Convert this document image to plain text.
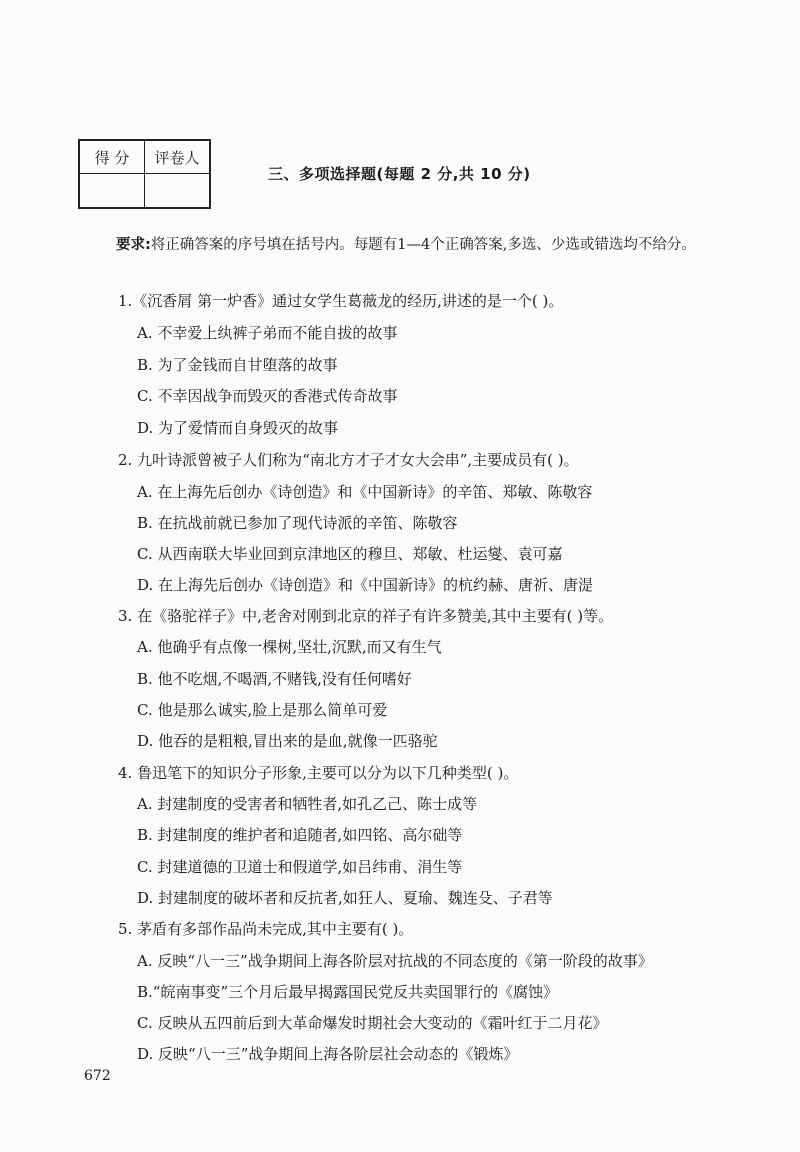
得 分	评卷人

三、多项选择题(每题 2 分,共 10 分)
要求:将正确答案的序号填在括号内。每题有1—4个正确答案,多选、少选或错选均不给分。
1.《沉香屑 第一炉香》通过女学生葛薇龙的经历,讲述的是一个( )。
A. 不幸爱上纨裤子弟而不能自拔的故事
B. 为了金钱而自甘堕落的故事
C. 不幸因战争而毁灭的香港式传奇故事
D. 为了爱情而自身毁灭的故事
2. 九叶诗派曾被子人们称为“南北方才子才女大会串”,主要成员有( )。
A. 在上海先后创办《诗创造》和《中国新诗》的辛笛、郑敏、陈敬容
B. 在抗战前就已参加了现代诗派的辛笛、陈敬容
C. 从西南联大毕业回到京津地区的穆旦、郑敏、杜运燮、袁可嘉
D. 在上海先后创办《诗创造》和《中国新诗》的杭约赫、唐祈、唐湜
3. 在《骆驼祥子》中,老舍对刚到北京的祥子有许多赞美,其中主要有( )等。
A. 他确乎有点像一棵树,坚壮,沉默,而又有生气
B. 他不吃烟,不喝酒,不赌钱,没有任何嗜好
C. 他是那么诚实,脸上是那么简单可爱
D. 他吞的是粗粮,冒出来的是血,就像一匹骆驼
4. 鲁迅笔下的知识分子形象,主要可以分为以下几种类型( )。
A. 封建制度的受害者和牺牲者,如孔乙己、陈士成等
B. 封建制度的维护者和追随者,如四铭、高尔础等
C. 封建道德的卫道士和假道学,如吕纬甫、涓生等
D. 封建制度的破坏者和反抗者,如狂人、夏瑜、魏连殳、子君等
5. 茅盾有多部作品尚未完成,其中主要有( )。
A. 反映“八一三”战争期间上海各阶层对抗战的不同态度的《第一阶段的故事》
B.“皖南事变”三个月后最早揭露国民党反共卖国罪行的《腐蚀》
C. 反映从五四前后到大革命爆发时期社会大变动的《霜叶红于二月花》
D. 反映“八一三”战争期间上海各阶层社会动态的《锻炼》
672
